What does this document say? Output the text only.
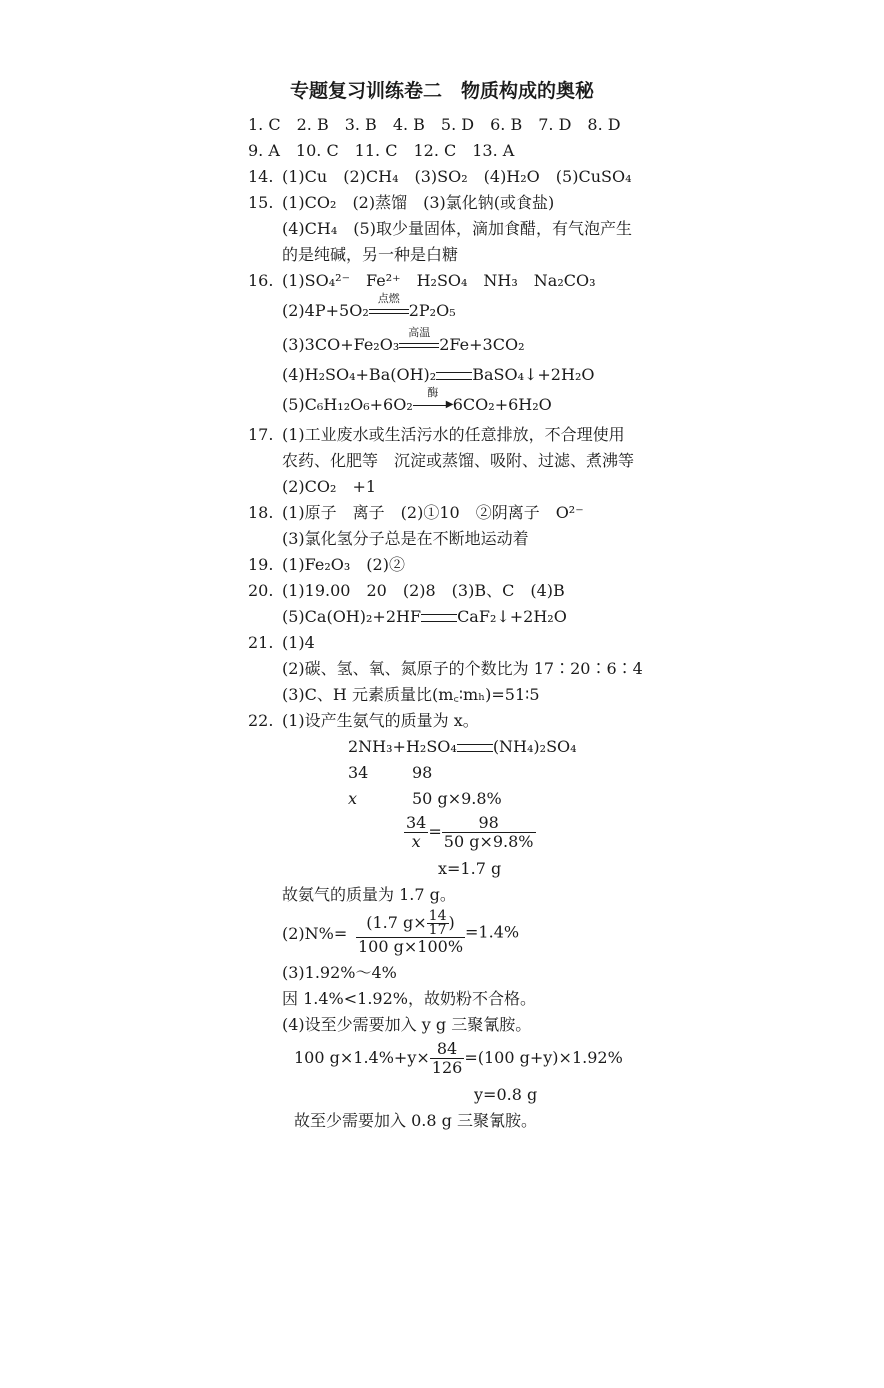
专题复习训练卷二　物质构成的奥秘
1. C　2. B　3. B　4. B　5. D　6. B　7. D　8. D
9. A　10. C　11. C　12. C　13. A
14. (1)Cu　(2)CH₄　(3)SO₂　(4)H₂O　(5)CuSO₄
15. (1)CO₂　(2)蒸馏　(3)氯化钠(或食盐)
(4)CH₄　(5)取少量固体，滴加食醋，有气泡产生
的是纯碱，另一种是白糖
16. (1)SO₄²⁻　Fe²⁺　H₂SO₄　NH₃　Na₂CO₃
(2)4P+5O₂
点燃
2P₂O₅
(3)3CO+Fe₂O₃
高温
2Fe+3CO₂
(4)H₂SO₄+Ba(OH)₂ BaSO₄↓+2H₂O
(5)C₆H₁₂O₆+6O₂
酶
▶ 6CO₂+6H₂O
17. (1)工业废水或生活污水的任意排放，不合理使用
农药、化肥等　沉淀或蒸馏、吸附、过滤、煮沸等
(2)CO₂　+1
18. (1)原子　离子　(2)①10　②阴离子　O²⁻
(3)氯化氢分子总是在不断地运动着
19. (1)Fe₂O₃　(2)②
20. (1)19.00　20　(2)8　(3)B、C　(4)B
(5)Ca(OH)₂+2HF CaF₂↓+2H₂O
21. (1)4
(2)碳、氢、氧、氮原子的个数比为 17∶20∶6∶4
(3)C、H 元素质量比(m꜀∶mₕ)=51∶5
22. (1)设产生氨气的质量为 x。
2NH₃+H₂SO₄ (NH₄)₂SO₄
34	98
x	50 g×9.8%
$\frac{34}{x} = \frac{98}{50 g\times 9.8\%}$
x=1.7 g
故氨气的质量为 1.7 g。
$(2)N\%= \frac{(1.7 g\times \frac{14}{17} )}{100 g\times 100\%} =1.4\%$
(3)1.92%～4%
因 1.4%<1.92%，故奶粉不合格。
(4)设至少需要加入 y g 三聚氰胺。
100 $g\times 1.4\%+y\times \frac{84}{126} =(100$ g+y)×1.92%
y=0.8 g
故至少需要加入 0.8 g 三聚氰胺。
